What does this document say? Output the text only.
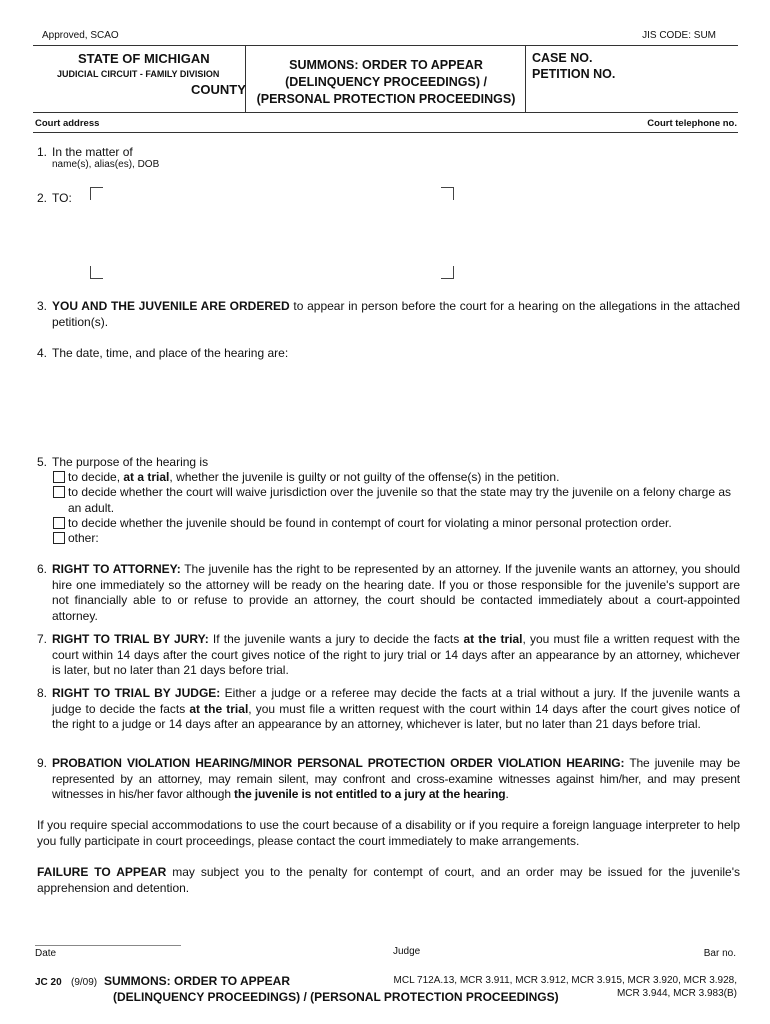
Approved, SCAO	JIS CODE: SUM
STATE OF MICHIGAN
JUDICIAL CIRCUIT - FAMILY DIVISION
COUNTY
SUMMONS: ORDER TO APPEAR
(DELINQUENCY PROCEEDINGS) /
(PERSONAL PROTECTION PROCEEDINGS)
CASE NO.
PETITION NO.
Court address	Court telephone no.
1. In the matter of
name(s), alias(es), DOB
2. TO:
3. YOU AND THE JUVENILE ARE ORDERED to appear in person before the court for a hearing on the allegations in the attached petition(s).
4. The date, time, and place of the hearing are:
5. The purpose of the hearing is
to decide, at a trial, whether the juvenile is guilty or not guilty of the offense(s) in the petition.
to decide whether the court will waive jurisdiction over the juvenile so that the state may try the juvenile on a felony charge as an adult.
to decide whether the juvenile should be found in contempt of court for violating a minor personal protection order.
other:
6. RIGHT TO ATTORNEY: The juvenile has the right to be represented by an attorney. If the juvenile wants an attorney, you should hire one immediately so the attorney will be ready on the hearing date. If you or those responsible for the juvenile's support are not financially able to or refuse to provide an attorney, the court should be contacted immediately about a court-appointed attorney.
7. RIGHT TO TRIAL BY JURY: If the juvenile wants a jury to decide the facts at the trial, you must file a written request with the court within 14 days after the court gives notice of the right to jury trial or 14 days after an appearance by an attorney, whichever is later, but no later than 21 days before trial.
8. RIGHT TO TRIAL BY JUDGE: Either a judge or a referee may decide the facts at a trial without a jury. If the juvenile wants a judge to decide the facts at the trial, you must file a written request with the court within 14 days after the court gives notice of the right to a judge or 14 days after an appearance by an attorney, whichever is later, but no later than 21 days before trial.
9. PROBATION VIOLATION HEARING/MINOR PERSONAL PROTECTION ORDER VIOLATION HEARING: The juvenile may be represented by an attorney, may remain silent, may confront and cross-examine witnesses against him/her, and may present witnesses in his/her favor although the juvenile is not entitled to a jury at the hearing.
If you require special accommodations to use the court because of a disability or if you require a foreign language interpreter to help you fully participate in court proceedings, please contact the court immediately to make arrangements.
FAILURE TO APPEAR may subject you to the penalty for contempt of court, and an order may be issued for the juvenile's apprehension and detention.
Date	Judge	Bar no.
JC 20 (9/09) SUMMONS: ORDER TO APPEAR
(DELINQUENCY PROCEEDINGS) / (PERSONAL PROTECTION PROCEEDINGS)
MCL 712A.13, MCR 3.911, MCR 3.912, MCR 3.915, MCR 3.920, MCR 3.928,
MCR 3.944, MCR 3.983(B)
